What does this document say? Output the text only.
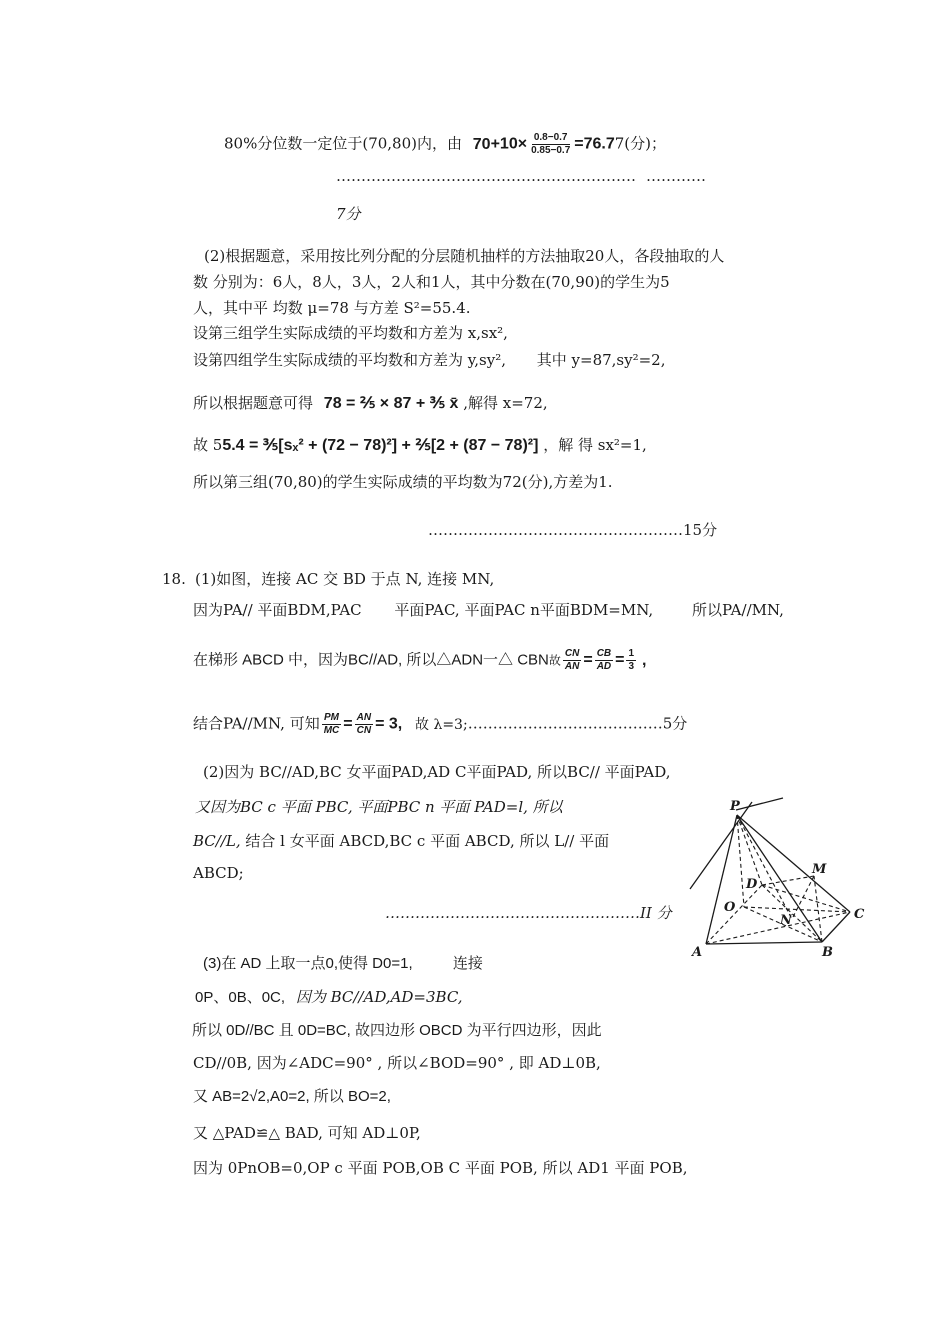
80%分位数一定位于(70,80)内，由 $70+10\times \frac{0.8-0.7}{0.85-0.7} =76.77$(分)；
…………………………………………………… …………
7分
(2)根据题意，采用按比列分配的分层随机抽样的方法抽取20人，各段抽取的人
数 分别为：6人，8人，3人，2人和1人，其中分数在(70,90)的学生为5
人，其中平 均数 μ=78 与方差 S²=55.4.
设第三组学生实际成绩的平均数和方差为 x,sx²,
设第四组学生实际成绩的平均数和方差为 y,sy², 其中 y=87,sy²=2,
所以根据题意可得 78 = ⅖ × 87 + ⅗ x̄ ,解得 x=72,
故 55.4 = ⅗[sₓ² + (72 − 78)²] + ⅖[2 + (87 − 78)²] ，解 得 sx²=1,
所以第三组(70,80)的学生实际成绩的平均数为72(分),方差为1.
……………………………………………15分
18. (1)如图，连接 AC 交 BD 于点 N, 连接 MN,
因为PA// 平面BDM,PAC 平面PAC, 平面PAC n平面BDM=MN,	所以PA//MN,
在梯形 ABCD 中，因为BC//AD, 所以△ADN一△ CBN故 $\frac{CN}{AN} = \frac{CB}{AD} = \frac{1}{3}$ ,
结合PA//MN, 可知 $\frac{PM}{MC} = \frac{AN}{CN} = 3$, 故 λ=3;…………………………………5分
(2)因为 BC//AD,BC 女平面PAD,AD C平面PAD, 所以BC// 平面PAD,
又因为BC c 平面 PBC, 平面PBC n 平面 PAD=l, 所以
BC//L, 结合 l 女平面 ABCD,BC c 平面 ABCD, 所以 L// 平面
ABCD;
……………………………………………II 分
(3)在 AD 上取一点0,使得 D0=1,	连接
0P、0B、0C, 因为 BC//AD,AD=3BC,
所以 0D//BC 且 0D=BC, 故四边形 OBCD 为平行四边形，因此
CD//0B, 因为∠ADC=90° , 所以∠BOD=90° , 即 AD⊥0B,
又 AB=2√2,A0=2, 所以 BO=2,
又 △PAD≌△ BAD, 可知 AD⊥0P,
因为 0PnOB=0,OP c 平面 POB,OB C 平面 POB, 所以 AD1 平面 POB,
P
M
D
O
N	C
A	B
